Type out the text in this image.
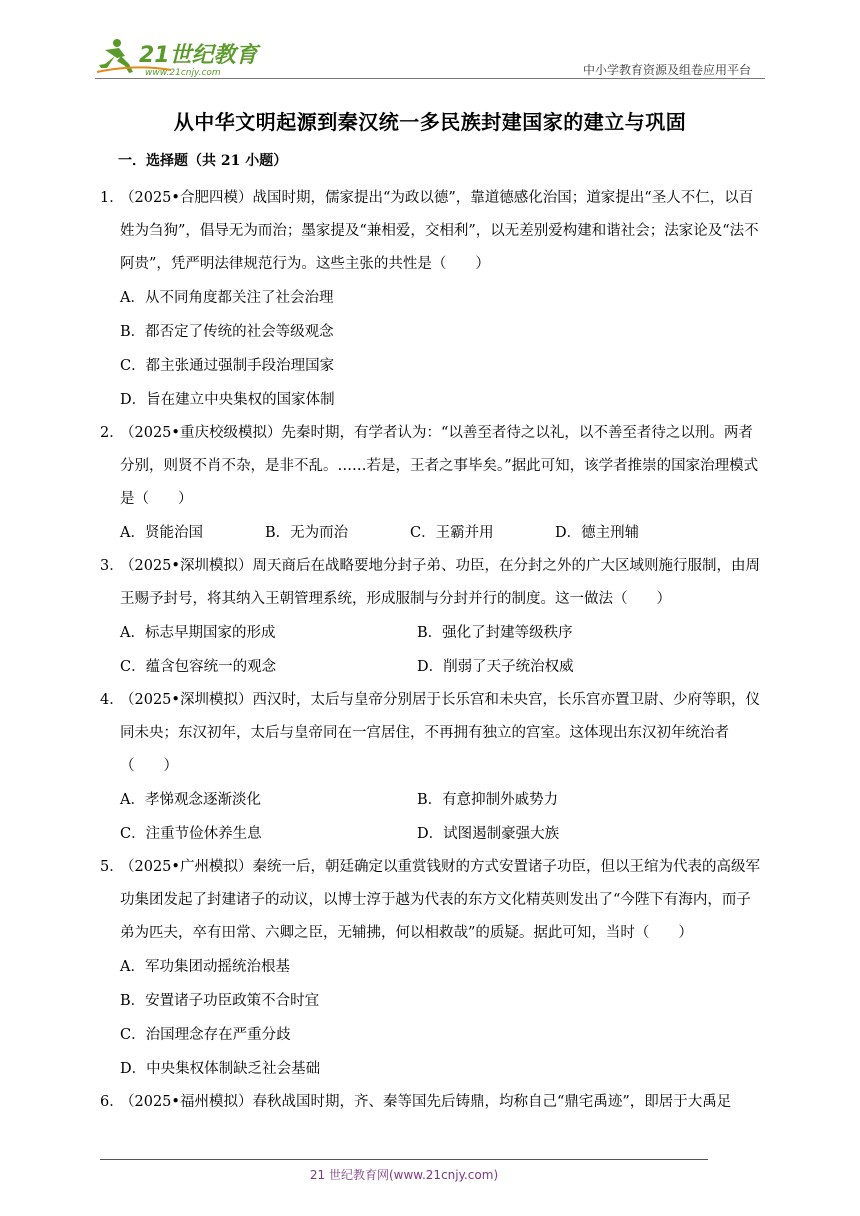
21世纪教育
www.21cnjy.com	中小学教育资源及组卷应用平台
从中华文明起源到秦汉统一多民族封建国家的建立与巩固
一．选择题（共 21 小题）
1．
（2025•合肥四模）战国时期，儒家提出“为政以德”，靠道德感化治国；道家提出“圣人不仁，以百姓为刍狗”，倡导无为而治；墨家提及“兼相爱，交相利”，以无差别爱构建和谐社会；法家论及“法不阿贵”，凭严明法律规范行为。这些主张的共性是（　　）
A．从不同角度都关注了社会治理
B．都否定了传统的社会等级观念
C．都主张通过强制手段治理国家
D．旨在建立中央集权的国家体制
2．
（2025•重庆校级模拟）先秦时期，有学者认为：“以善至者待之以礼，以不善至者待之以刑。两者分别，则贤不肖不杂，是非不乱。……若是，王者之事毕矣。”据此可知，该学者推崇的国家治理模式是（　　）
A．贤能治国	B．无为而治	C．王霸并用	D．德主刑辅
3．
（2025•深圳模拟）周天商后在战略要地分封子弟、功臣，在分封之外的广大区域则施行服制，由周王赐予封号，将其纳入王朝管理系统，形成服制与分封并行的制度。这一做法（　　）
A．标志早期国家的形成	B．强化了封建等级秩序
C．蕴含包容统一的观念	D．削弱了天子统治权威
4．
（2025•深圳模拟）西汉时，太后与皇帝分别居于长乐宫和未央宫，长乐宫亦置卫尉、少府等职，仪同未央；东汉初年，太后与皇帝同在一宫居住，不再拥有独立的宫室。这体现出东汉初年统治者（　　）
A．孝悌观念逐渐淡化	B．有意抑制外戚势力
C．注重节俭休养生息	D．试图遏制豪强大族
5．
（2025•广州模拟）秦统一后，朝廷确定以重赏钱财的方式安置诸子功臣，但以王绾为代表的高级军功集团发起了封建诸子的动议，以博士淳于越为代表的东方文化精英则发出了“今陛下有海内，而子弟为匹夫，卒有田常、六卿之臣，无辅拂，何以相救哉”的质疑。据此可知，当时（　　）
A．军功集团动摇统治根基
B．安置诸子功臣政策不合时宜
C．治国理念存在严重分歧
D．中央集权体制缺乏社会基础
6．
（2025•福州模拟）春秋战国时期，齐、秦等国先后铸鼎，均称自己“鼎宅禹迹”，即居于大禹足
21 世纪教育网(www.21cnjy.com)
